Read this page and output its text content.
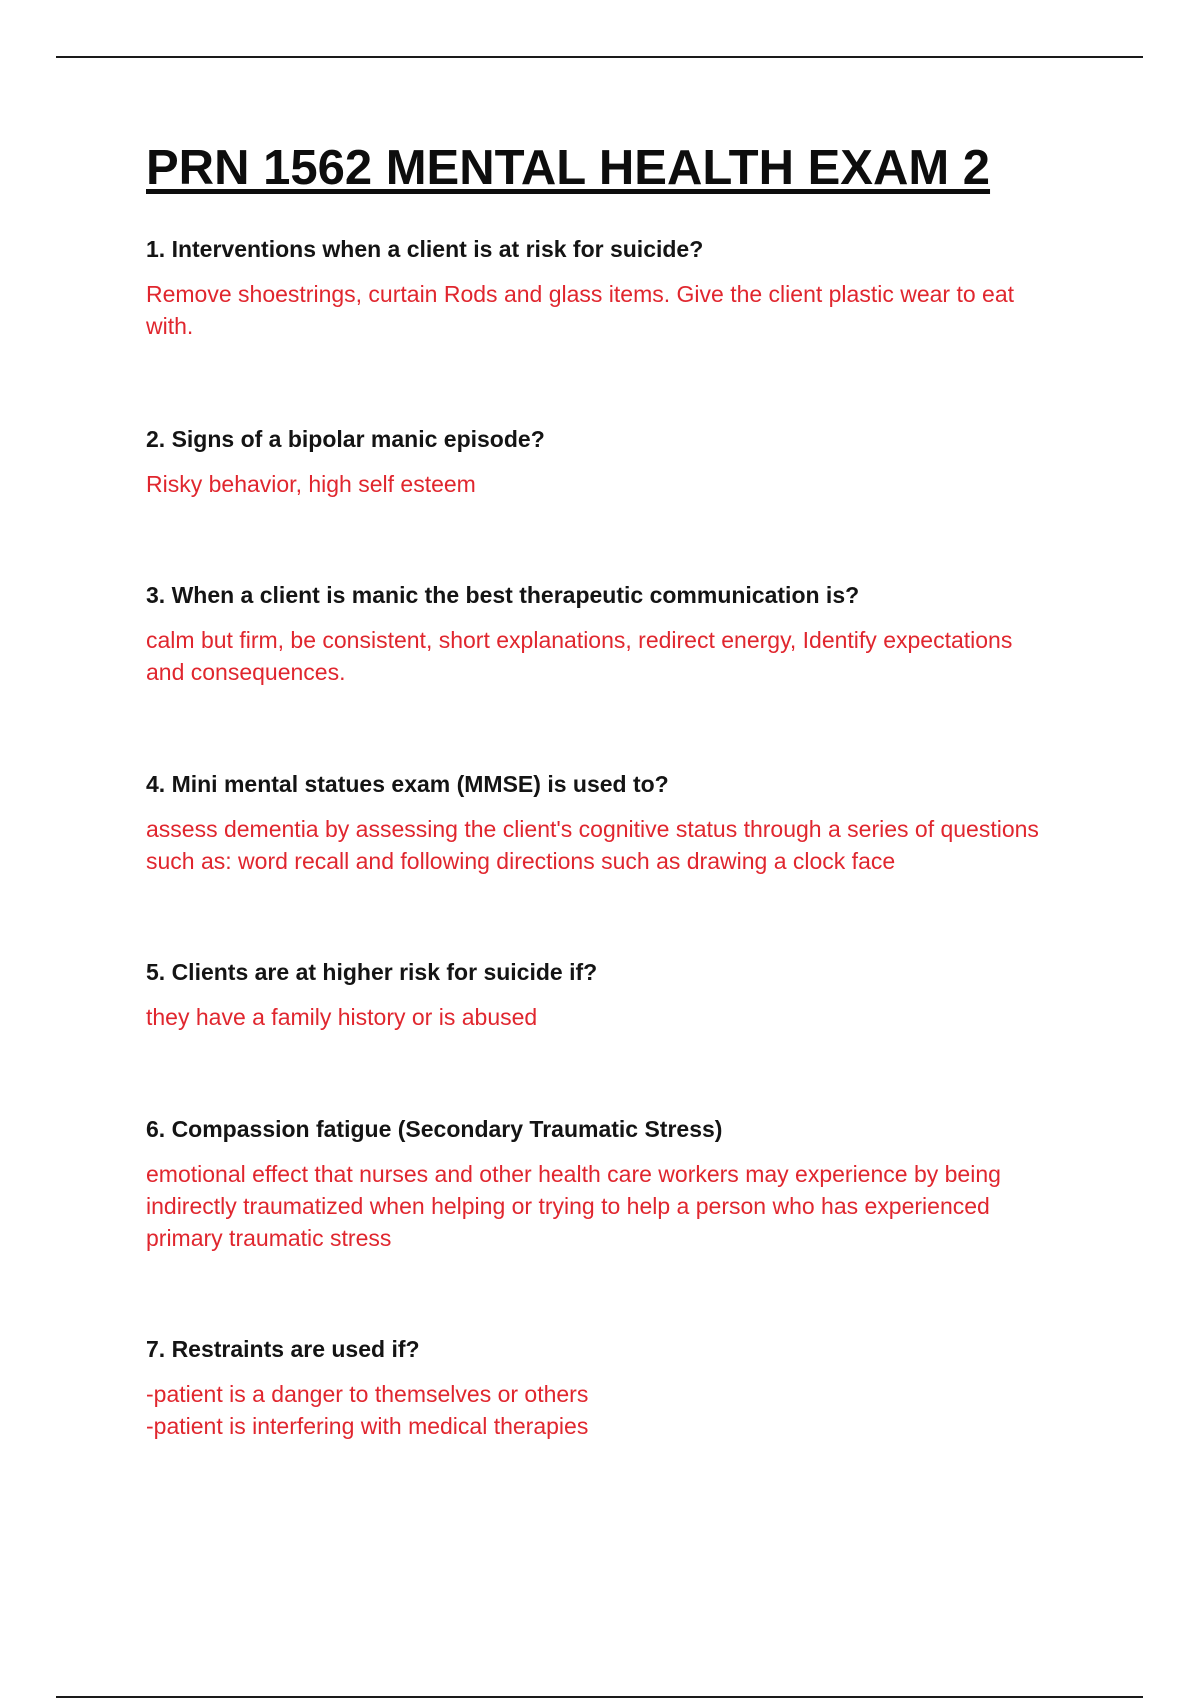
PRN 1562 MENTAL HEALTH EXAM 2

1. Interventions when a client is at risk for suicide?

Remove shoestrings, curtain Rods and glass items. Give the client plastic wear to eat
with.

2. Signs of a bipolar manic episode?

Risky behavior, high self esteem

3. When a client is manic the best therapeutic communication is?

calm but firm, be consistent, short explanations, redirect energy, Identify expectations
and consequences.

4. Mini mental statues exam (MMSE) is used to?

assess dementia by assessing the client's cognitive status through a series of questions
such as: word recall and following directions such as drawing a clock face

5. Clients are at higher risk for suicide if?

they have a family history or is abused

6. Compassion fatigue (Secondary Traumatic Stress)

emotional effect that nurses and other health care workers may experience by being
indirectly traumatized when helping or trying to help a person who has experienced
primary traumatic stress

7. Restraints are used if?

-patient is a danger to themselves or others
-patient is interfering with medical therapies
